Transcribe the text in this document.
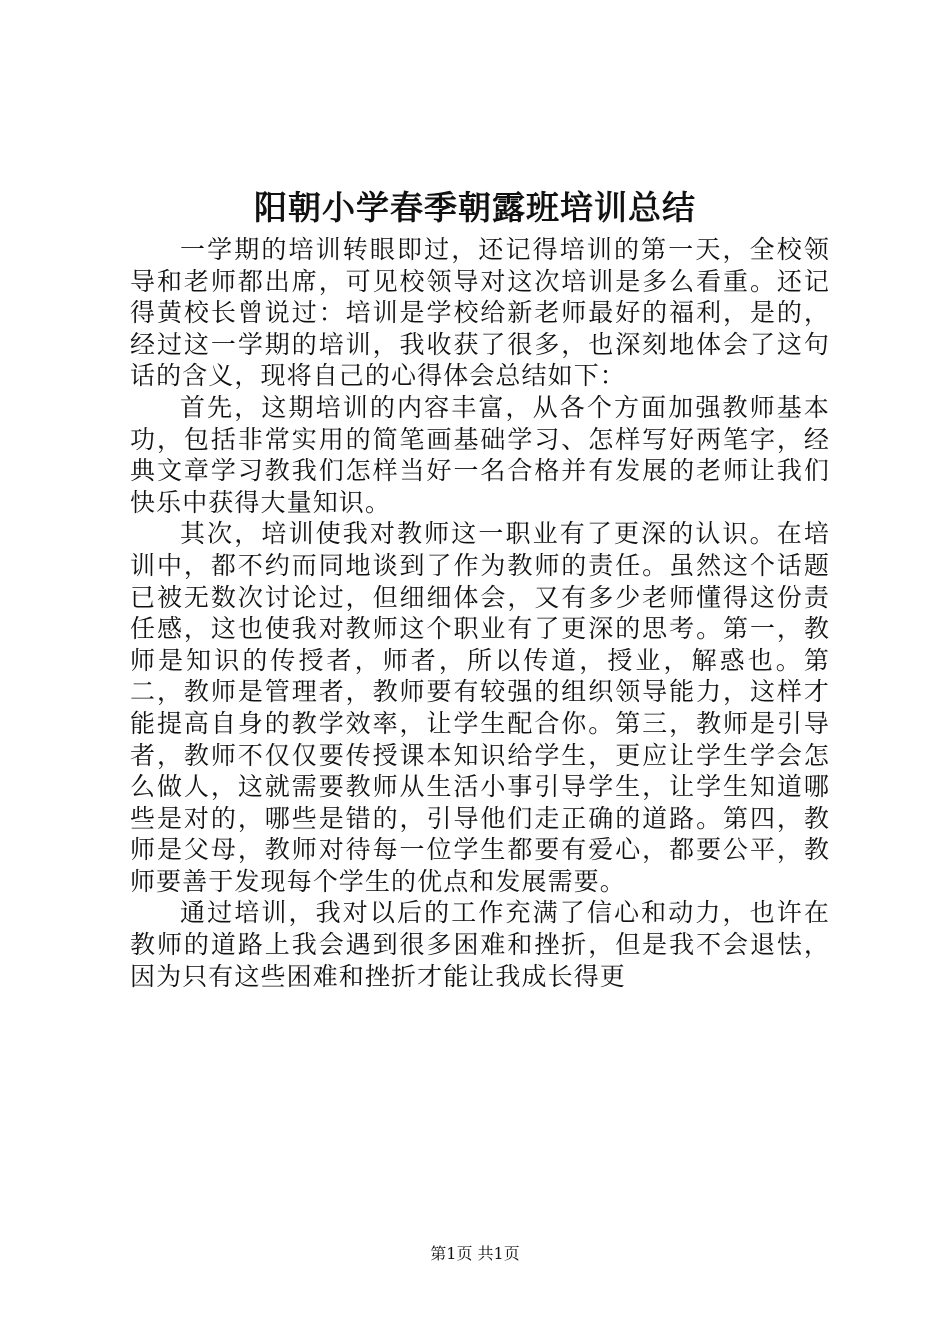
阳朝小学春季朝露班培训总结

一学期的培训转眼即过，还记得培训的第一天，全校领导和老师都出席，可见校领导对这次培训是多么看重。还记得黄校长曾说过：培训是学校给新老师最好的福利，是的，经过这一学期的培训，我收获了很多，也深刻地体会了这句话的含义，现将自己的心得体会总结如下：

首先，这期培训的内容丰富，从各个方面加强教师基本功，包括非常实用的简笔画基础学习、怎样写好两笔字，经典文章学习教我们怎样当好一名合格并有发展的老师让我们快乐中获得大量知识。

其次，培训使我对教师这一职业有了更深的认识。在培训中，都不约而同地谈到了作为教师的责任。虽然这个话题已被无数次讨论过，但细细体会，又有多少老师懂得这份责任感，这也使我对教师这个职业有了更深的思考。第一，教师是知识的传授者，师者，所以传道，授业，解惑也。第二，教师是管理者，教师要有较强的组织领导能力，这样才能提高自身的教学效率，让学生配合你。第三，教师是引导者，教师不仅仅要传授课本知识给学生，更应让学生学会怎么做人，这就需要教师从生活小事引导学生，让学生知道哪些是对的，哪些是错的，引导他们走正确的道路。第四，教师是父母，教师对待每一位学生都要有爱心，都要公平，教师要善于发现每个学生的优点和发展需要。

通过培训，我对以后的工作充满了信心和动力，也许在教师的道路上我会遇到很多困难和挫折，但是我不会退怯，因为只有这些困难和挫折才能让我成长得更

第1页 共1页
